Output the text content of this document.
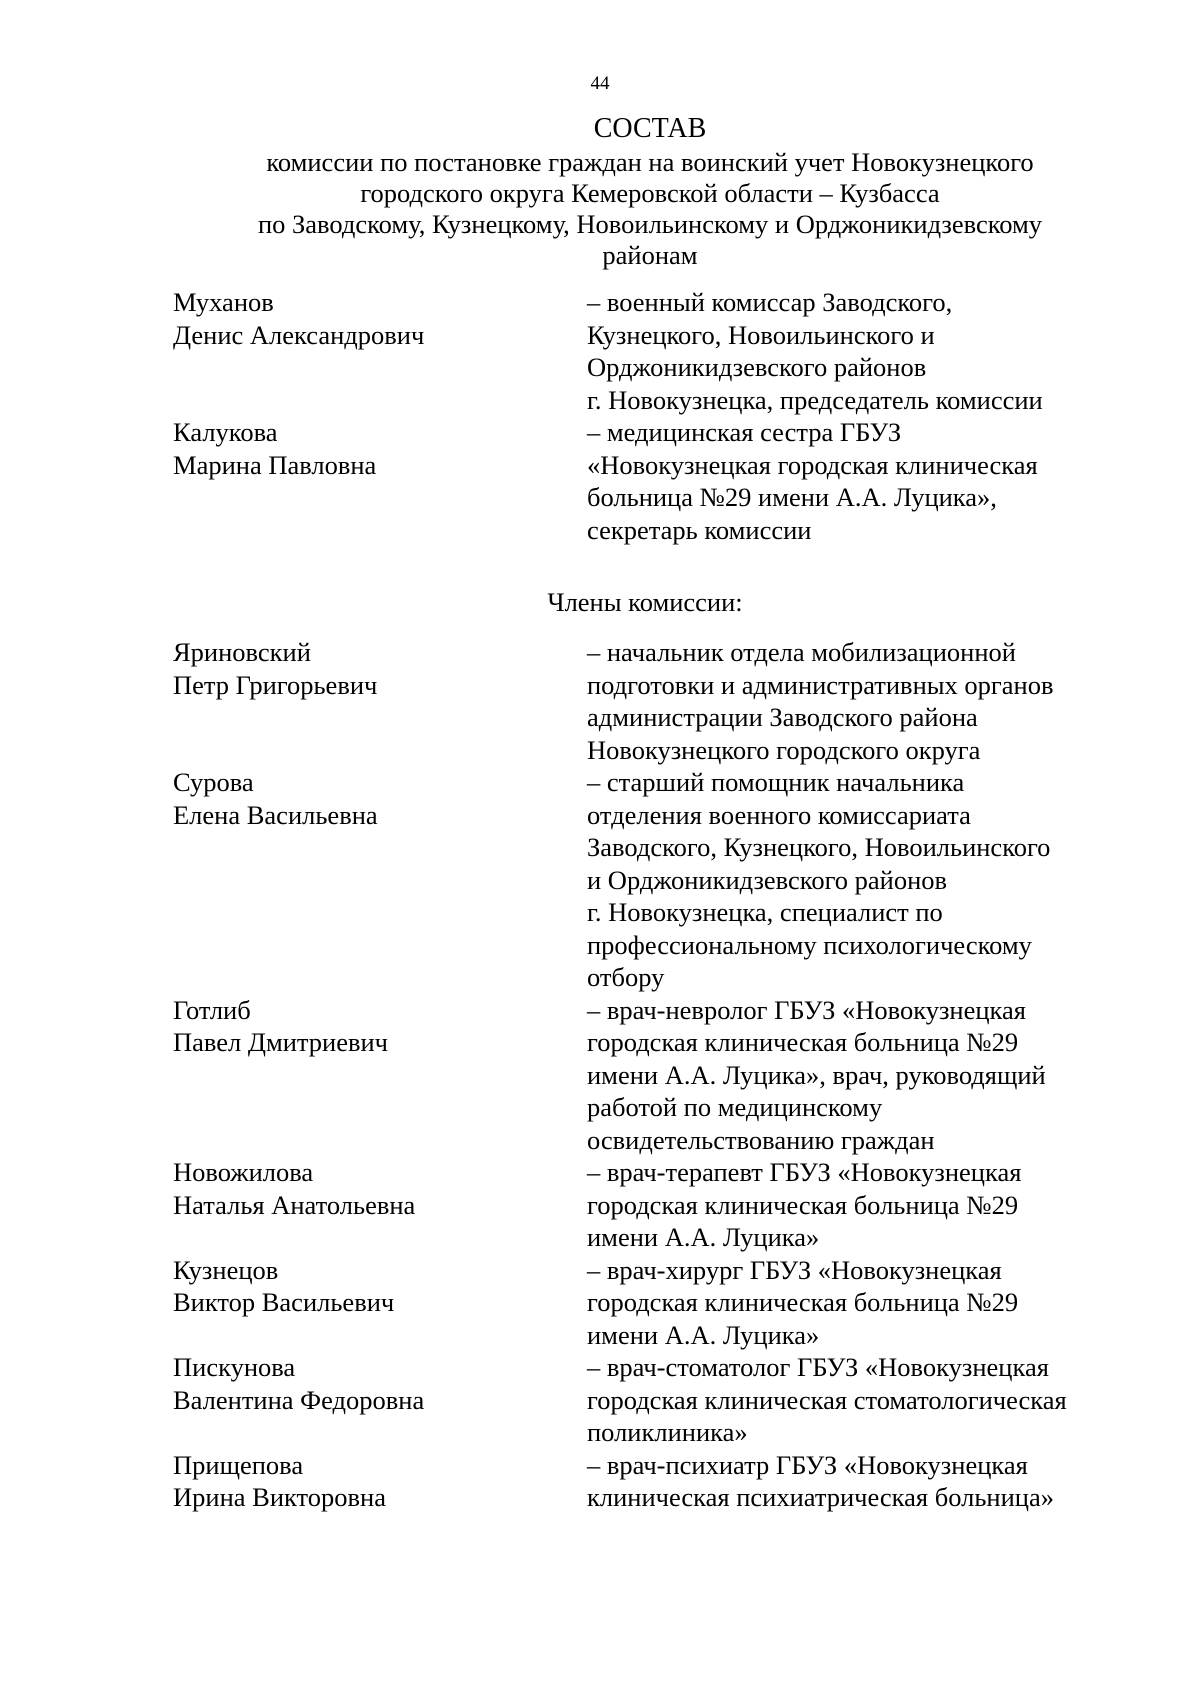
44
СОСТАВ
комиссии по постановке граждан на воинский учет Новокузнецкого
городского округа Кемеровской области – Кузбасса
по Заводскому, Кузнецкому, Новоильинскому и Орджоникидзевскому
районам
Муханов
Денис Александрович
– военный комиссар Заводского,
Кузнецкого, Новоильинского и
Орджоникидзевского районов
г. Новокузнецка, председатель комиссии
Калукова
Марина Павловна
– медицинская сестра ГБУЗ
«Новокузнецкая городская клиническая
больница №29 имени А.А. Луцика»,
секретарь комиссии
Члены комиссии:
Яриновский
Петр Григорьевич
– начальник отдела мобилизационной
подготовки и административных органов
администрации Заводского района
Новокузнецкого городского округа
Сурова
Елена Васильевна
– старший помощник начальника
отделения военного комиссариата
Заводского, Кузнецкого, Новоильинского
и Орджоникидзевского районов
г. Новокузнецка, специалист по
профессиональному психологическому
отбору
Готлиб
Павел Дмитриевич
– врач-невролог ГБУЗ «Новокузнецкая
городская клиническая больница №29
имени А.А. Луцика», врач, руководящий
работой по медицинскому
освидетельствованию граждан
Новожилова
Наталья Анатольевна
– врач-терапевт ГБУЗ «Новокузнецкая
городская клиническая больница №29
имени А.А. Луцика»
Кузнецов
Виктор Васильевич
– врач-хирург ГБУЗ «Новокузнецкая
городская клиническая больница №29
имени А.А. Луцика»
Пискунова
Валентина Федоровна
– врач-стоматолог ГБУЗ «Новокузнецкая
городская клиническая стоматологическая
поликлиника»
Прищепова
Ирина Викторовна
– врач-психиатр ГБУЗ «Новокузнецкая
клиническая психиатрическая больница»
